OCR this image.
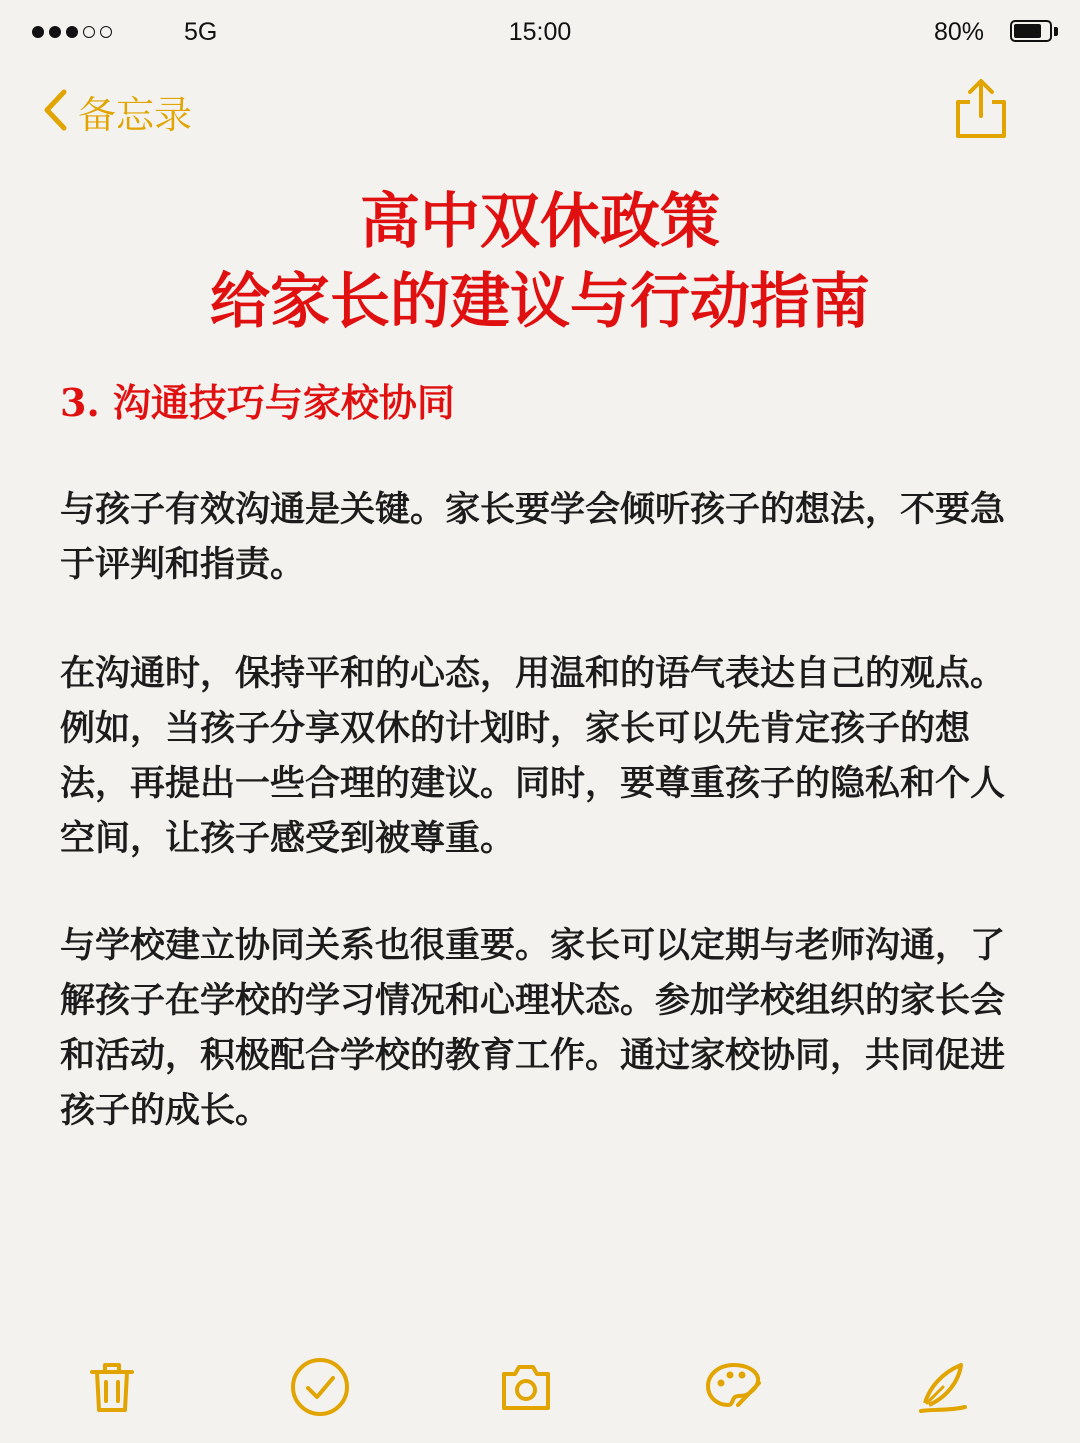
5G	15:00	80%
备忘录
高中双休政策
给家长的建议与行动指南
3. 沟通技巧与家校协同

与孩子有效沟通是关键。家长要学会倾听孩子的想法，不要急于评判和指责。

在沟通时，保持平和的心态，用温和的语气表达自己的观点。例如，当孩子分享双休的计划时，家长可以先肯定孩子的想法，再提出一些合理的建议。同时，要尊重孩子的隐私和个人空间，让孩子感受到被尊重。

与学校建立协同关系也很重要。家长可以定期与老师沟通，了解孩子在学校的学习情况和心理状态。参加学校组织的家长会和活动，积极配合学校的教育工作。通过家校协同，共同促进孩子的成长。
